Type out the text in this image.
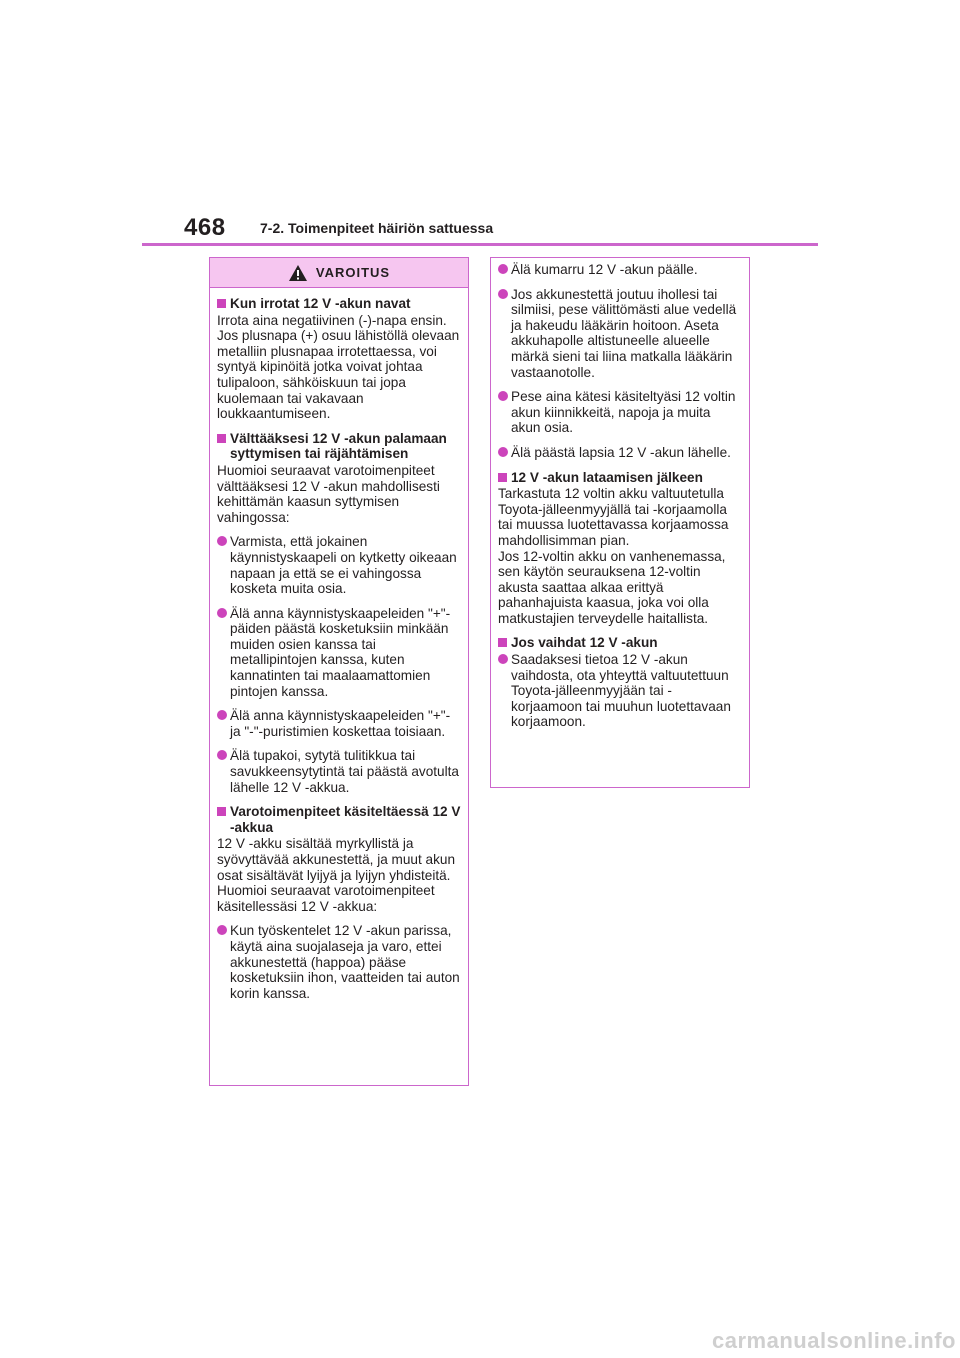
468 7-2. Toimenpiteet häiriön sattuessa
VAROITUS
Kun irrotat 12 V -akun navat
Irrota aina negatiivinen (-)-napa ensin. Jos plusnapa (+) osuu lähistöllä olevaan metalliin plusnapaa irrotettaessa, voi syntyä kipinöitä jotka voivat johtaa tulipaloon, sähköiskuun tai jopa kuolemaan tai vakavaan loukkaantumiseen.
Välttääksesi 12 V -akun palamaan syttymisen tai räjähtämisen
Huomioi seuraavat varotoimenpiteet välttääksesi 12 V -akun mahdollisesti kehittämän kaasun syttymisen vahingossa:
Varmista, että jokainen käynnistyskaapeli on kytketty oikeaan napaan ja että se ei vahingossa kosketa muita osia.
Älä anna käynnistyskaapeleiden "+"-päiden päästä kosketuksiin minkään muiden osien kanssa tai metallipintojen kanssa, kuten kannatinten tai maalaamattomien pintojen kanssa.
Älä anna käynnistyskaapeleiden "+"- ja "-"-puristimien koskettaa toisiaan.
Älä tupakoi, sytytä tulitikkua tai savukkeensytytintä tai päästä avotulta lähelle 12 V -akkua.
Varotoimenpiteet käsiteltäessä 12 V -akkua
12 V -akku sisältää myrkyllistä ja syövyttävää akkunestettä, ja muut akun osat sisältävät lyijyä ja lyijyn yhdisteitä. Huomioi seuraavat varotoimenpiteet käsitellessäsi 12 V -akkua:
Kun työskentelet 12 V -akun parissa, käytä aina suojalaseja ja varo, ettei akkunestettä (happoa) pääse kosketuksiin ihon, vaatteiden tai auton korin kanssa.
Älä kumarru 12 V -akun päälle.
Jos akkunestettä joutuu ihollesi tai silmiisi, pese välittömästi alue vedellä ja hakeudu lääkärin hoitoon. Aseta akkuhapolle altistuneelle alueelle märkä sieni tai liina matkalla lääkärin vastaanotolle.
Pese aina kätesi käsiteltyäsi 12 voltin akun kiinnikkeitä, napoja ja muita akun osia.
Älä päästä lapsia 12 V -akun lähelle.
12 V -akun lataamisen jälkeen
Tarkastuta 12 voltin akku valtuutetulla Toyota-jälleenmyyjällä tai -korjaamolla tai muussa luotettavassa korjaamossa mahdollisimman pian.
Jos 12-voltin akku on vanhenemassa, sen käytön seurauksena 12-voltin akusta saattaa alkaa erittyä pahanhajuista kaasua, joka voi olla matkustajien terveydelle haitallista.
Jos vaihdat 12 V -akun
Saadaksesi tietoa 12 V -akun vaihdosta, ota yhteyttä valtuutettuun Toyota-jälleenmyyjään tai -korjaamoon tai muuhun luotettavaan korjaamoon.
carmanualsonline.info
